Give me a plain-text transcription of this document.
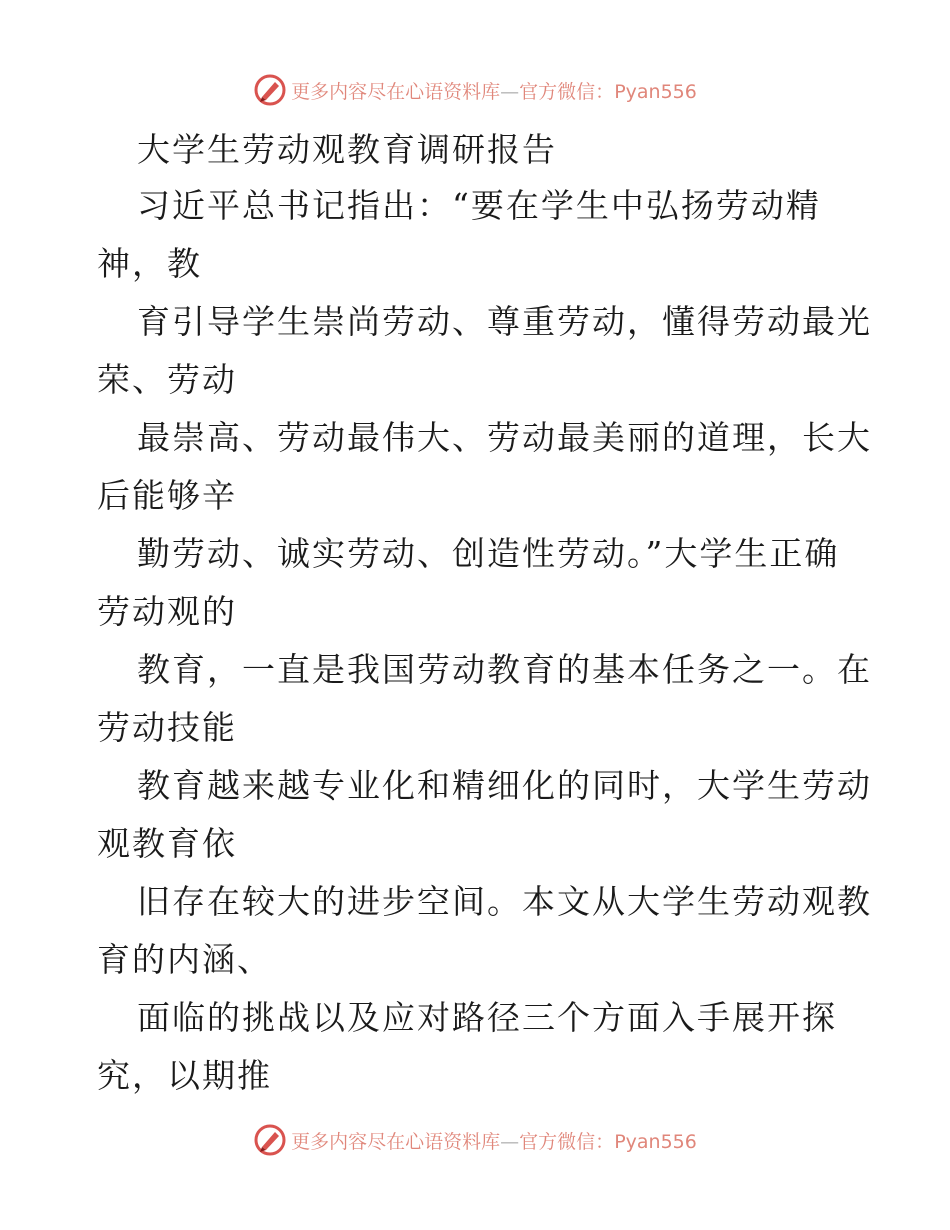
更多内容尽在心语资料库—官方微信：Pyan556
大学生劳动观教育调研报告
习近平总书记指出：“要在学生中弘扬劳动精
神，教
育引导学生崇尚劳动、尊重劳动，懂得劳动最光
荣、劳动
最崇高、劳动最伟大、劳动最美丽的道理，长大
后能够辛
勤劳动、诚实劳动、创造性劳动。”大学生正确
劳动观的
教育，一直是我国劳动教育的基本任务之一。在
劳动技能
教育越来越专业化和精细化的同时，大学生劳动
观教育依
旧存在较大的进步空间。本文从大学生劳动观教
育的内涵、
面临的挑战以及应对路径三个方面入手展开探
究，以期推
更多内容尽在心语资料库—官方微信：Pyan556
